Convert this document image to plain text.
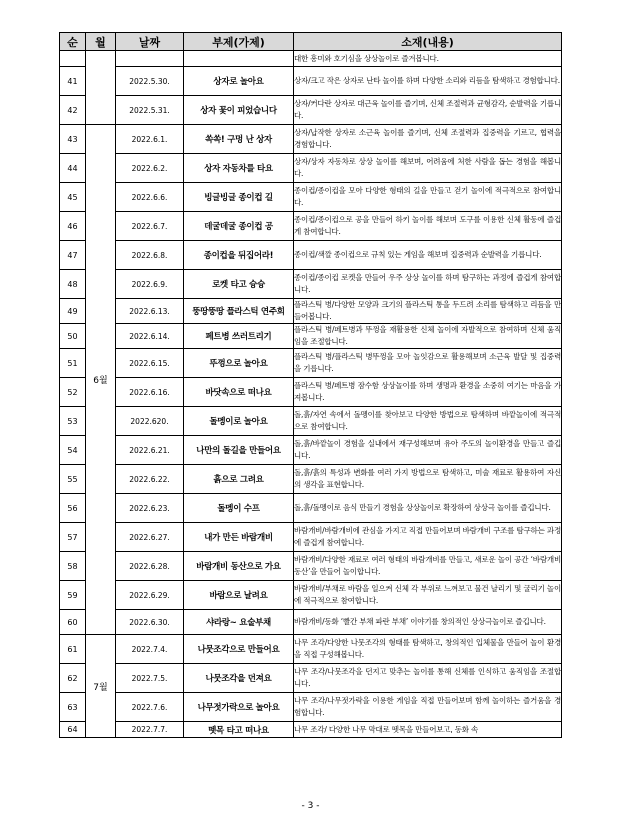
순	월	날짜	부제(가제)	소재(내용)
				대한 흥미와 호기심을 상상놀이로 즐겨봅니다.
41		2022.5.30.	상자로 놀아요	상자/크고 작은 상자로 난타 놀이를 하며 다양한 소리와 리듬을 탐색하고 경험합니다.
42		2022.5.31.	상자 꽃이 피었습니다	상자/커다란 상자로 대근육 놀이를 즐기며, 신체 조절력과 균형감각, 순발력을 기릅니다.
43	6월	2022.6.1.	쏙쏙! 구멍 난 상자	상자/납작한 상자로 소근육 놀이를 즐기며, 신체 조절력과 집중력을 기르고, 협력을 경험합니다.
44		2022.6.2.	상자 자동차를 타요	상자/상자 자동차로 상상 놀이를 해보며, 어려움에 처한 사람을 돕는 경험을 해봅니다.
45		2022.6.6.	빙글빙글 종이컵 길	종이컵/종이컵을 모아 다양한 형태의 길을 만들고 걷기 놀이에 적극적으로 참여합니다.
46		2022.6.7.	데굴데굴 종이컵 공	종이컵/종이컵으로 공을 만들어 하키 놀이를 해보며 도구를 이용한 신체 활동에 즐겁게 참여합니다.
47		2022.6.8.	종이컵을 뒤집어라!	종이컵/색깔 종이컵으로 규칙 있는 게임을 해보며 집중력과 순발력을 기릅니다.
48		2022.6.9.	로켓 타고 슝슝	종이컵/종이컵 로켓을 만들어 우주 상상 놀이를 하며 탐구하는 과정에 즐겁게 참여합니다.
49		2022.6.13.	뚱땅뚱땅 플라스틱 연주회	플라스틱 병/다양한 모양과 크기의 플라스틱 통을 두드려 소리를 탐색하고 리듬을 만들어봅니다.
50		2022.6.14.	페트병 쓰러트리기	플라스틱 병/페트병과 뚜껑을 재활용한 신체 놀이에 자발적으로 참여하며 신체 움직임을 조절합니다.
51		2022.6.15.	뚜껑으로 놀아요	플라스틱 병/플라스틱 병뚜껑을 모아 놀잇감으로 활용해보며 소근육 발달 및 집중력을 기릅니다.
52		2022.6.16.	바닷속으로 떠나요	플라스틱 병/페트병 잠수함 상상놀이를 하며 생명과 환경을 소중히 여기는 마음을 가져봅니다.
53		2022.620.	돌멩이로 놀아요	돌,흙/자연 속에서 돌멩이를 찾아보고 다양한 방법으로 탐색하며 바깥놀이에 적극적으로 참여합니다.
54		2022.6.21.	나만의 돌길을 만들어요	돌,흙/바깥놀이 경험을 실내에서 재구성해보며 유아 주도의 놀이환경을 만들고 즐깁니다.
55		2022.6.22.	흙으로 그려요	돌,흙/흙의 특성과 변화를 여러 가지 방법으로 탐색하고, 미술 재료로 활용하여 자신의 생각을 표현합니다.
56		2022.6.23.	돌멩이 수프	돌,흙/돌멩이로 음식 만들기 경험을 상상놀이로 확장하여 상상극 놀이를 즐깁니다.
57		2022.6.27.	내가 만든 바람개비	바람개비/바람개비에 관심을 가지고 직접 만들어보며 바람개비 구조를 탐구하는 과정에 즐겁게 참여합니다.
58		2022.6.28.	바람개비 동산으로 가요	바람개비/다양한 재료로 여러 형태의 바람개비를 만들고, 새로운 놀이 공간 ‘바람개비 동산’을 만들어 놀이합니다.
59		2022.6.29.	바람으로 날려요	바람개비/부채로 바람을 일으켜 신체 각 부위로 느껴보고 물건 날리기 및 굴리기 놀이에 적극적으로 참여합니다.
60		2022.6.30.	샤라랑~ 요술부채	바람개비/동화 ‘빨간 부채 파란 부채’ 이야기를 창의적인 상상극놀이로 즐깁니다.
61	7월	2022.7.4.	나뭇조각으로 만들어요	나무 조각/다양한 나뭇조각의 형태를 탐색하고, 창의적인 입체물을 만들어 놀이 환경을 직접 구성해봅니다.
62		2022.7.5.	나뭇조각을 던져요	나무 조각/나뭇조각을 던지고 맞추는 놀이를 통해 신체를 인식하고 움직임을 조절합니다.
63		2022.7.6.	나무젓가락으로 놀아요	나무 조각/나무젓가락을 이용한 게임을 직접 만들어보며 함께 놀이하는 즐거움을 경험합니다.
64		2022.7.7.	뗏목 타고 떠나요	나무 조각/ 다양한 나무 막대로 뗏목을 만들어보고, 동화 속
- 3 -
